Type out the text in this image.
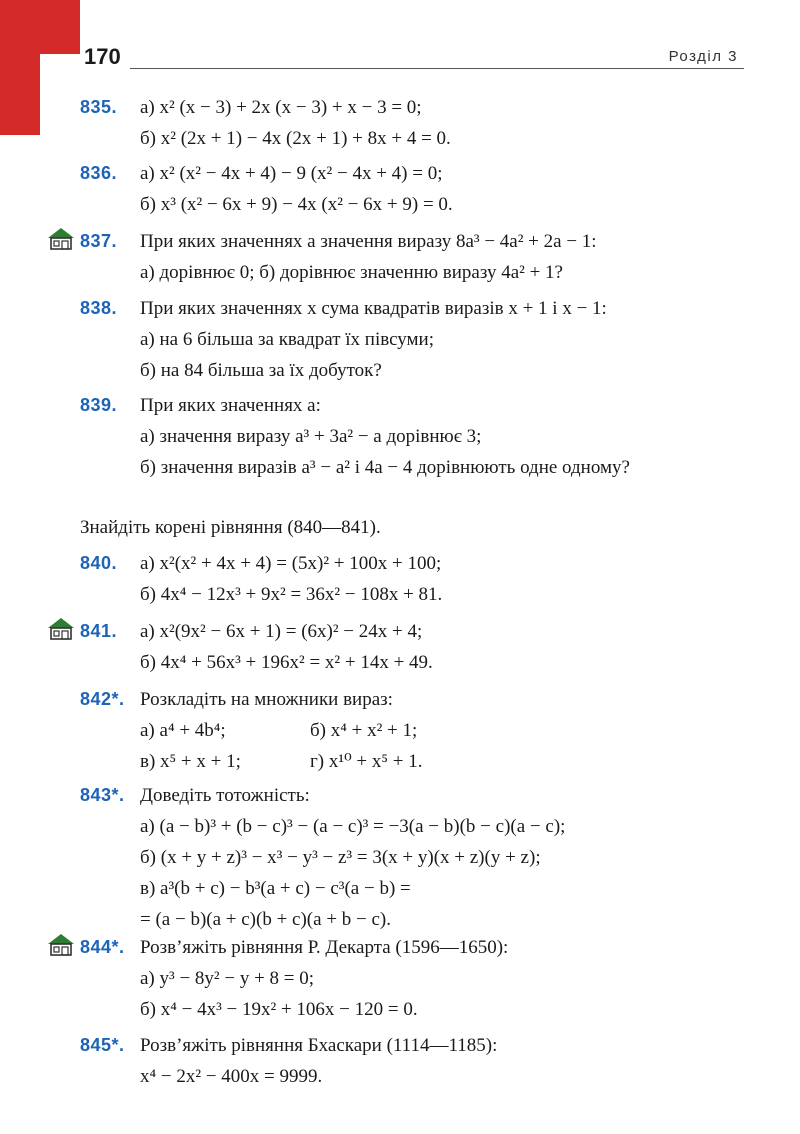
170	Розділ 3
835. а) x² (x − 3) + 2x (x − 3) + x − 3 = 0;
б) x² (2x + 1) − 4x (2x + 1) + 8x + 4 = 0.
836. а) x² (x² − 4x + 4) − 9 (x² − 4x + 4) = 0;
б) x³ (x² − 6x + 9) − 4x (x² − 6x + 9) = 0.
837. При яких значеннях a значення виразу 8a³ − 4a² + 2a − 1:
а) дорівнює 0; б) дорівнює значенню виразу 4a² + 1?
838. При яких значеннях x сума квадратів виразів x + 1 і x − 1:
а) на 6 більша за квадрат їх півсуми;
б) на 84 більша за їх добуток?
839. При яких значеннях a:
а) значення виразу a³ + 3a² − a дорівнює 3;
б) значення виразів a³ − a² і 4a − 4 дорівнюють одне одному?
Знайдіть корені рівняння (840—841).
840. а) x²(x² + 4x + 4) = (5x)² + 100x + 100;
б) 4x⁴ − 12x³ + 9x² = 36x² − 108x + 81.
841. а) x²(9x² − 6x + 1) = (6x)² − 24x + 4;
б) 4x⁴ + 56x³ + 196x² = x² + 14x + 49.
842*. Розкладіть на множники вираз:
а) a⁴ + 4b⁴;	б) x⁴ + x² + 1;
в) x⁵ + x + 1;	г) x¹⁰ + x⁵ + 1.
843*. Доведіть тотожність:
а) (a − b)³ + (b − c)³ − (a − c)³ = −3(a − b)(b − c)(a − c);
б) (x + y + z)³ − x³ − y³ − z³ = 3(x + y)(x + z)(y + z);
в) a³(b + c) − b³(a + c) − c³(a − b) =
= (a − b)(a + c)(b + c)(a + b − c).
844*. Розв’яжіть рівняння Р. Декарта (1596—1650):
а) y³ − 8y² − y + 8 = 0;
б) x⁴ − 4x³ − 19x² + 106x − 120 = 0.
845*. Розв’яжіть рівняння Бхаскари (1114—1185):
x⁴ − 2x² − 400x = 9999.
